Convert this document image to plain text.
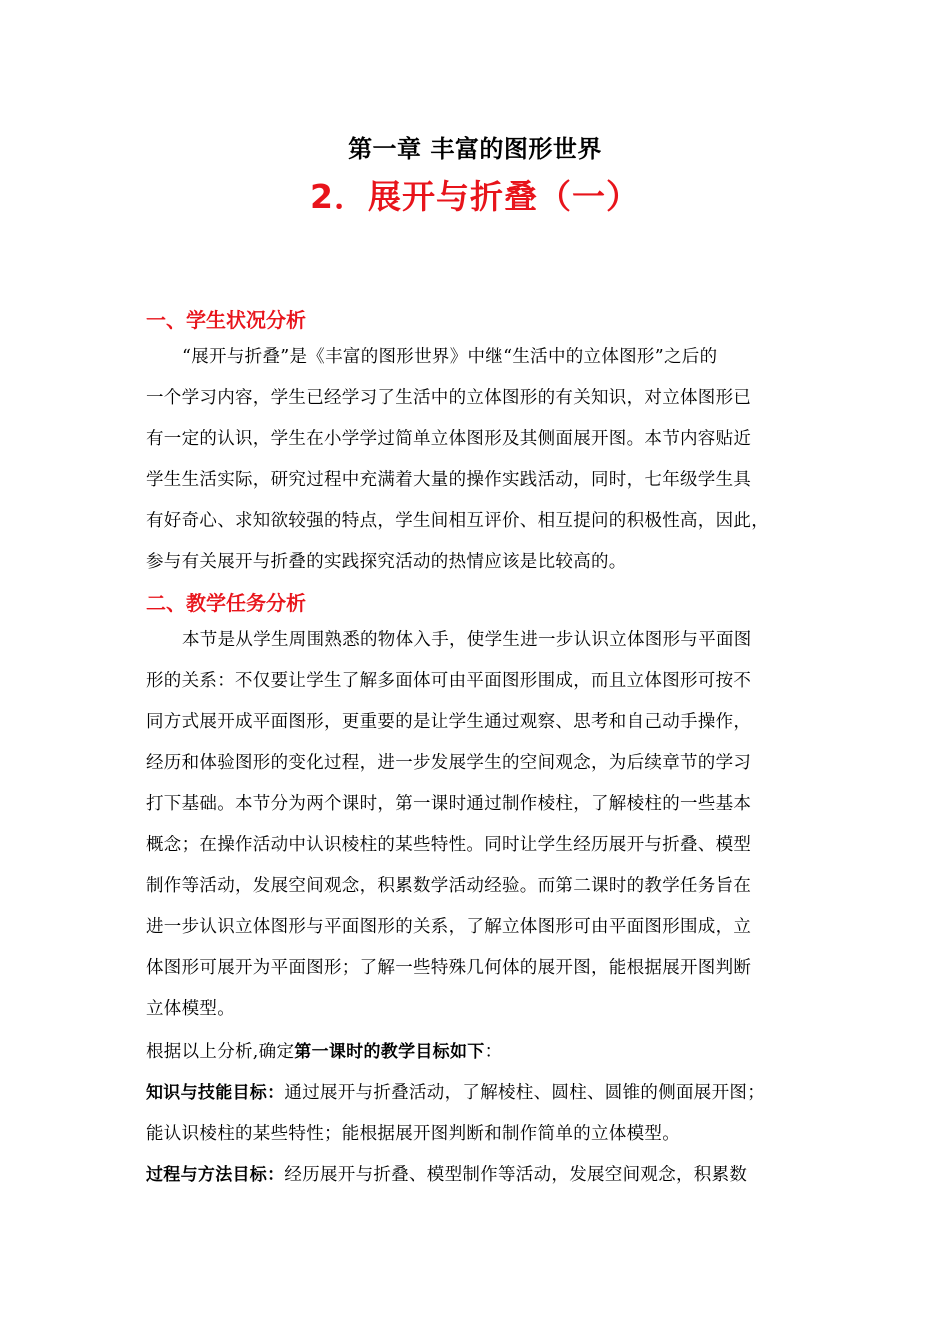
第一章 丰富的图形世界
2．展开与折叠（一）
一、学生状况分析
“展开与折叠”是《丰富的图形世界》中继“生活中的立体图形”之后的
一个学习内容，学生已经学习了生活中的立体图形的有关知识，对立体图形已
有一定的认识，学生在小学学过简单立体图形及其侧面展开图。本节内容贴近
学生生活实际，研究过程中充满着大量的操作实践活动，同时，七年级学生具
有好奇心、求知欲较强的特点，学生间相互评价、相互提问的积极性高，因此，
参与有关展开与折叠的实践探究活动的热情应该是比较高的。
二、教学任务分析
本节是从学生周围熟悉的物体入手，使学生进一步认识立体图形与平面图
形的关系：不仅要让学生了解多面体可由平面图形围成，而且立体图形可按不
同方式展开成平面图形，更重要的是让学生通过观察、思考和自己动手操作，
经历和体验图形的变化过程，进一步发展学生的空间观念，为后续章节的学习
打下基础。本节分为两个课时，第一课时通过制作棱柱，了解棱柱的一些基本
概念；在操作活动中认识棱柱的某些特性。同时让学生经历展开与折叠、模型
制作等活动，发展空间观念，积累数学活动经验。而第二课时的教学任务旨在
进一步认识立体图形与平面图形的关系，了解立体图形可由平面图形围成，立
体图形可展开为平面图形；了解一些特殊几何体的展开图，能根据展开图判断
立体模型。
根据以上分析,确定第一课时的教学目标如下：
知识与技能目标：通过展开与折叠活动，了解棱柱、圆柱、圆锥的侧面展开图；
能认识棱柱的某些特性；能根据展开图判断和制作简单的立体模型。
过程与方法目标：经历展开与折叠、模型制作等活动，发展空间观念，积累数
